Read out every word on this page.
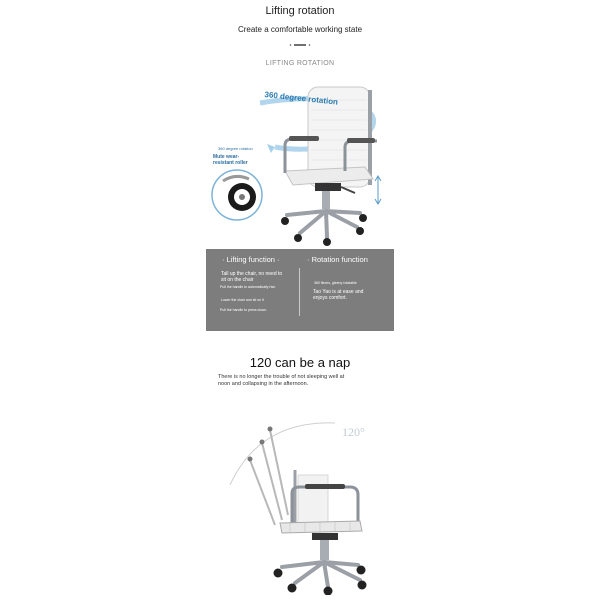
Lifting rotation
Create a comfortable working state
LIFTING ROTATION
360 degree rotation
360 degree rotation
Mute wear-resistant roller
· Lifting function ·	· Rotation function
Tall up the chair, no need to
sit on the chair
Pull the handle to automatically rise.
Lower the chair and sit on it
Pull the handle to press down.
360 flexes, gleeny rotatable
Tao Yao is at ease and
enjoys comfort.
120 can be a nap
There is no longer the trouble of not sleeping well at
noon and collapsing in the afternoon.
120°
